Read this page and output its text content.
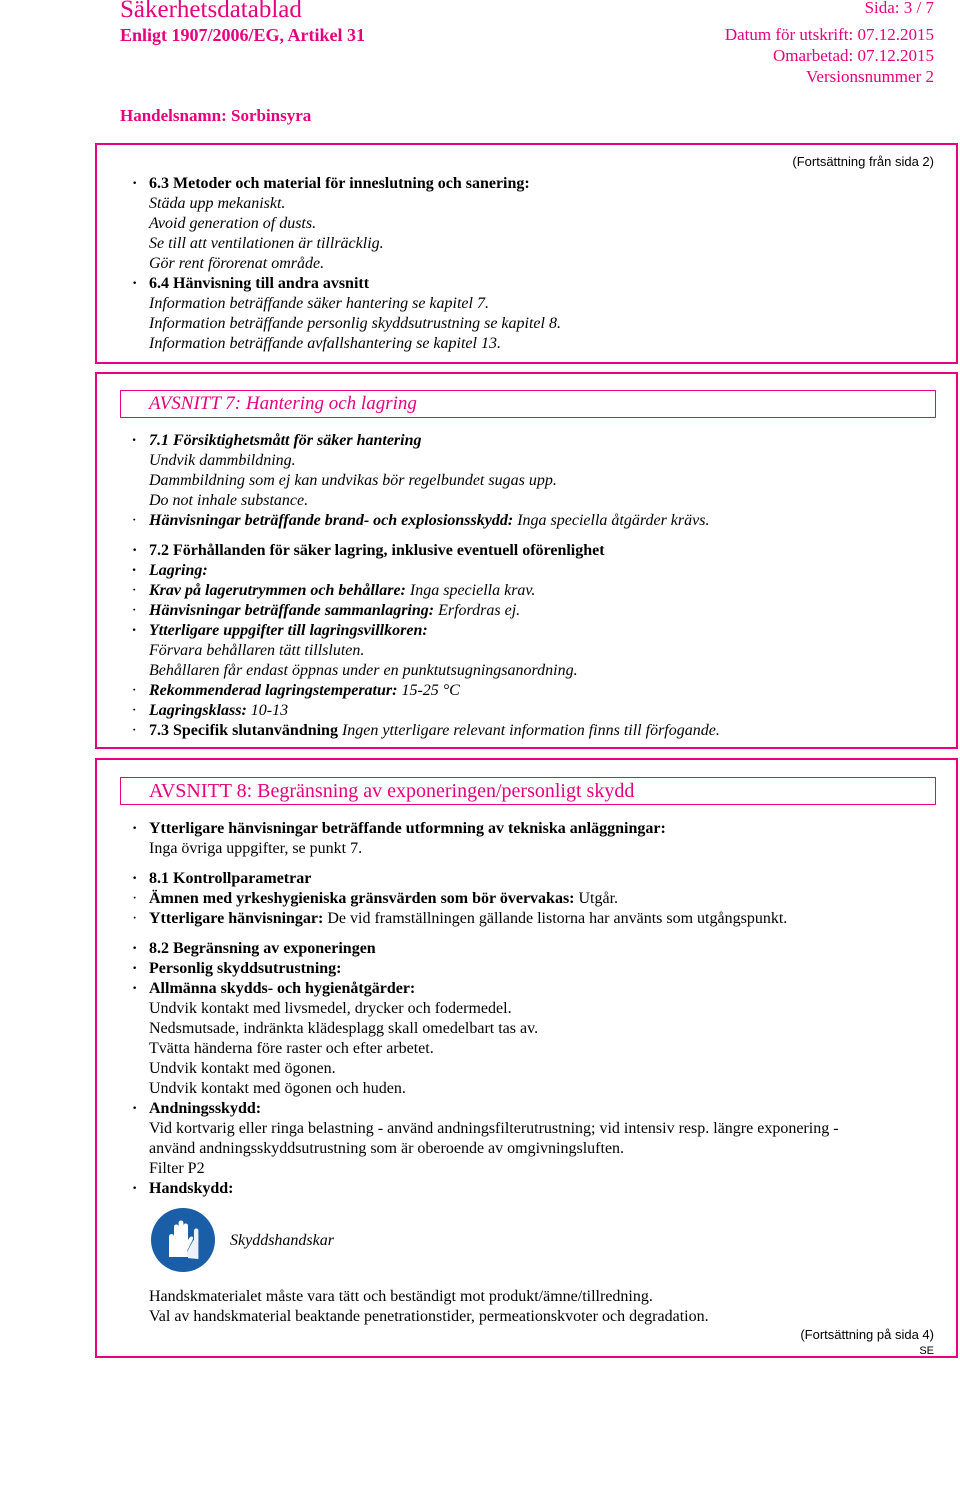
Säkerhetsdatablad
Enligt 1907/2006/EG, Artikel 31
Sida: 3 / 7
Datum för utskrift: 07.12.2015
Omarbetad: 07.12.2015
Versionsnummer 2
Handelsnamn: Sorbinsyra
(Fortsättning från sida 2)
· 6.3 Metoder och material för inneslutning och sanering:
Städa upp mekaniskt.
Avoid generation of dusts.
Se till att ventilationen är tillräcklig.
Gör rent förorenat område.
· 6.4 Hänvisning till andra avsnitt
Information beträffande säker hantering se kapitel 7.
Information beträffande personlig skyddsutrustning se kapitel 8.
Information beträffande avfallshantering se kapitel 13.
AVSNITT 7: Hantering och lagring
· 7.1 Försiktighetsmått för säker hantering
Undvik dammbildning.
Dammbildning som ej kan undvikas bör regelbundet sugas upp.
Do not inhale substance.
· Hänvisningar beträffande brand- och explosionsskydd: Inga speciella åtgärder krävs.
· 7.2 Förhållanden för säker lagring, inklusive eventuell oförenlighet
· Lagring:
· Krav på lagerutrymmen och behållare: Inga speciella krav.
· Hänvisningar beträffande sammanlagring: Erfordras ej.
· Ytterligare uppgifter till lagringsvillkoren:
Förvara behållaren tätt tillsluten.
Behållaren får endast öppnas under en punktutsugningsanordning.
· Rekommenderad lagringstemperatur: 15-25 °C
· Lagringsklass: 10-13
· 7.3 Specifik slutanvändning Ingen ytterligare relevant information finns till förfogande.
AVSNITT 8: Begränsning av exponeringen/personligt skydd
· Ytterligare hänvisningar beträffande utformning av tekniska anläggningar:
Inga övriga uppgifter, se punkt 7.
· 8.1 Kontrollparametrar
· Ämnen med yrkeshygieniska gränsvärden som bör övervakas: Utgår.
· Ytterligare hänvisningar: De vid framställningen gällande listorna har använts som utgångspunkt.
· 8.2 Begränsning av exponeringen
· Personlig skyddsutrustning:
· Allmänna skydds- och hygienåtgärder:
Undvik kontakt med livsmedel, drycker och fodermedel.
Nedsmutsade, indränkta klädesplagg skall omedelbart tas av.
Tvätta händerna före raster och efter arbetet.
Undvik kontakt med ögonen.
Undvik kontakt med ögonen och huden.
· Andningsskydd:
Vid kortvarig eller ringa belastning - använd andningsfilterutrustning; vid intensiv resp. längre exponering -
använd andningsskyddsutrustning som är oberoende av omgivningsluften.
Filter P2
· Handskydd:
Skyddshandskar
Handskmaterialet måste vara tätt och beständigt mot produkt/ämne/tillredning.
Val av handskmaterial beaktande penetrationstider, permeationskvoter och degradation.
(Fortsättning på sida 4)
SE
